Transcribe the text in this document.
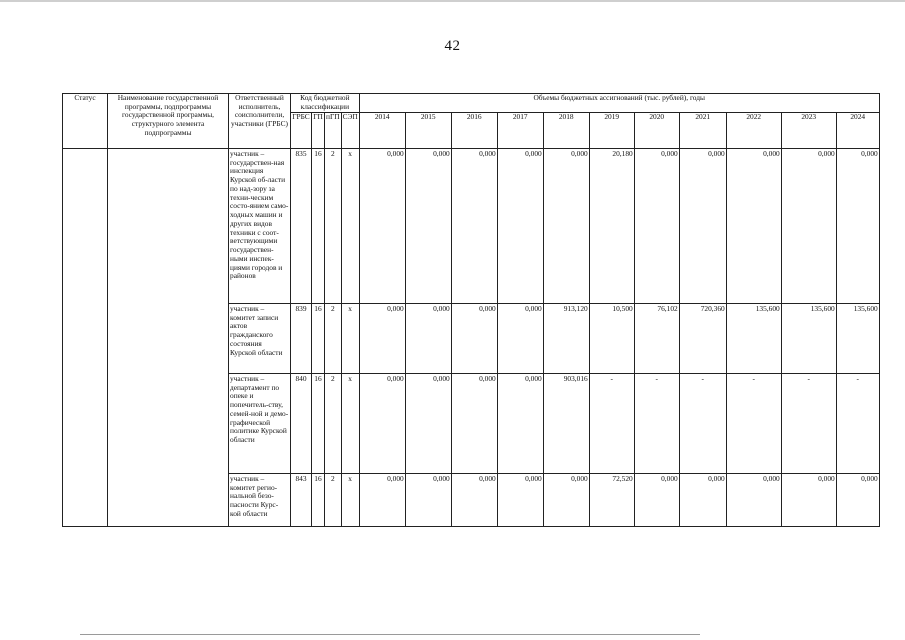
42
Статус	Наименование государственной программы, подпрограммы государственной программы, структурного элемента подпрограммы	Ответственный исполнитель, соисполнители, участники (ГРБС)	Код бюджетной классификации				Объемы бюджетных ассигнований (тыс. рублей), годы										
			ГРБС	ГП	пГП	СЭП	2014	2015	2016	2017	2018	2019	2020	2021	2022	2023	2024
		участник – государствен-ная инспекция Курской об-ласти по над-зору за техни-ческим состо-янием само-ходных машин и других видов техники с соот-ветствующими государствен-ными инспек-циями городов и районов	835	16	2	х	0,000	0,000	0,000	0,000	0,000	20,180	0,000	0,000	0,000	0,000	0,000
		участник – комитет записи актов гражданского состояния Курской области	839	16	2	х	0,000	0,000	0,000	0,000	913,120	10,500	76,102	720,360	135,600	135,600	135,600
		участник – департамент по опеке и попечитель-ству, семей-ной и демо-графической политике Курской области	840	16	2	х	0,000	0,000	0,000	0,000	903,016	-	-	-	-	-	-
		участник – комитет регио-нальной безо-пасности Курс-кой области	843	16	2	х	0,000	0,000	0,000	0,000	0,000	72,520	0,000	0,000	0,000	0,000	0,000
